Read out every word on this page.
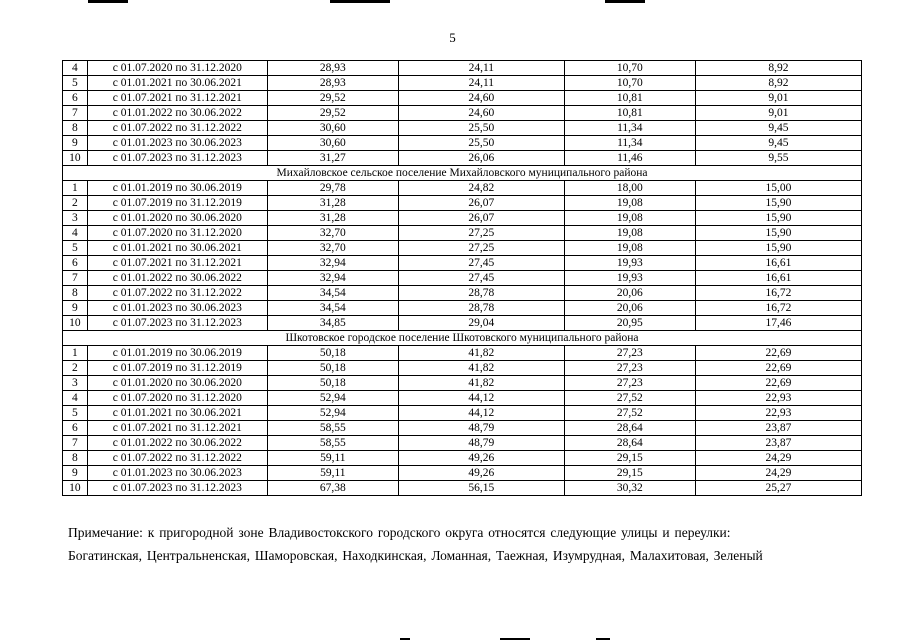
5
4	с 01.07.2020 по 31.12.2020	28,93	24,11	10,70	8,92
5	с 01.01.2021 по 30.06.2021	28,93	24,11	10,70	8,92
6	с 01.07.2021 по 31.12.2021	29,52	24,60	10,81	9,01
7	с 01.01.2022 по 30.06.2022	29,52	24,60	10,81	9,01
8	с 01.07.2022 по 31.12.2022	30,60	25,50	11,34	9,45
9	с 01.01.2023 по 30.06.2023	30,60	25,50	11,34	9,45
10	с 01.07.2023 по 31.12.2023	31,27	26,06	11,46	9,55
Михайловское сельское поселение Михайловского муниципального района					
1	с 01.01.2019 по 30.06.2019	29,78	24,82	18,00	15,00
2	с 01.07.2019 по 31.12.2019	31,28	26,07	19,08	15,90
3	с 01.01.2020 по 30.06.2020	31,28	26,07	19,08	15,90
4	с 01.07.2020 по 31.12.2020	32,70	27,25	19,08	15,90
5	с 01.01.2021 по 30.06.2021	32,70	27,25	19,08	15,90
6	с 01.07.2021 по 31.12.2021	32,94	27,45	19,93	16,61
7	с 01.01.2022 по 30.06.2022	32,94	27,45	19,93	16,61
8	с 01.07.2022 по 31.12.2022	34,54	28,78	20,06	16,72
9	с 01.01.2023 по 30.06.2023	34,54	28,78	20,06	16,72
10	с 01.07.2023 по 31.12.2023	34,85	29,04	20,95	17,46
Шкотовское городское поселение Шкотовского муниципального района					
1	с 01.01.2019 по 30.06.2019	50,18	41,82	27,23	22,69
2	с 01.07.2019 по 31.12.2019	50,18	41,82	27,23	22,69
3	с 01.01.2020 по 30.06.2020	50,18	41,82	27,23	22,69
4	с 01.07.2020 по 31.12.2020	52,94	44,12	27,52	22,93
5	с 01.01.2021 по 30.06.2021	52,94	44,12	27,52	22,93
6	с 01.07.2021 по 31.12.2021	58,55	48,79	28,64	23,87
7	с 01.01.2022 по 30.06.2022	58,55	48,79	28,64	23,87
8	с 01.07.2022 по 31.12.2022	59,11	49,26	29,15	24,29
9	с 01.01.2023 по 30.06.2023	59,11	49,26	29,15	24,29
10	с 01.07.2023 по 31.12.2023	67,38	56,15	30,32	25,27
Примечание: к пригородной зоне Владивостокского городского округа относятся следующие улицы и переулки:
Богатинская, Центральненская, Шаморовская, Находкинская, Ломанная, Таежная, Изумрудная, Малахитовая, Зеленый
